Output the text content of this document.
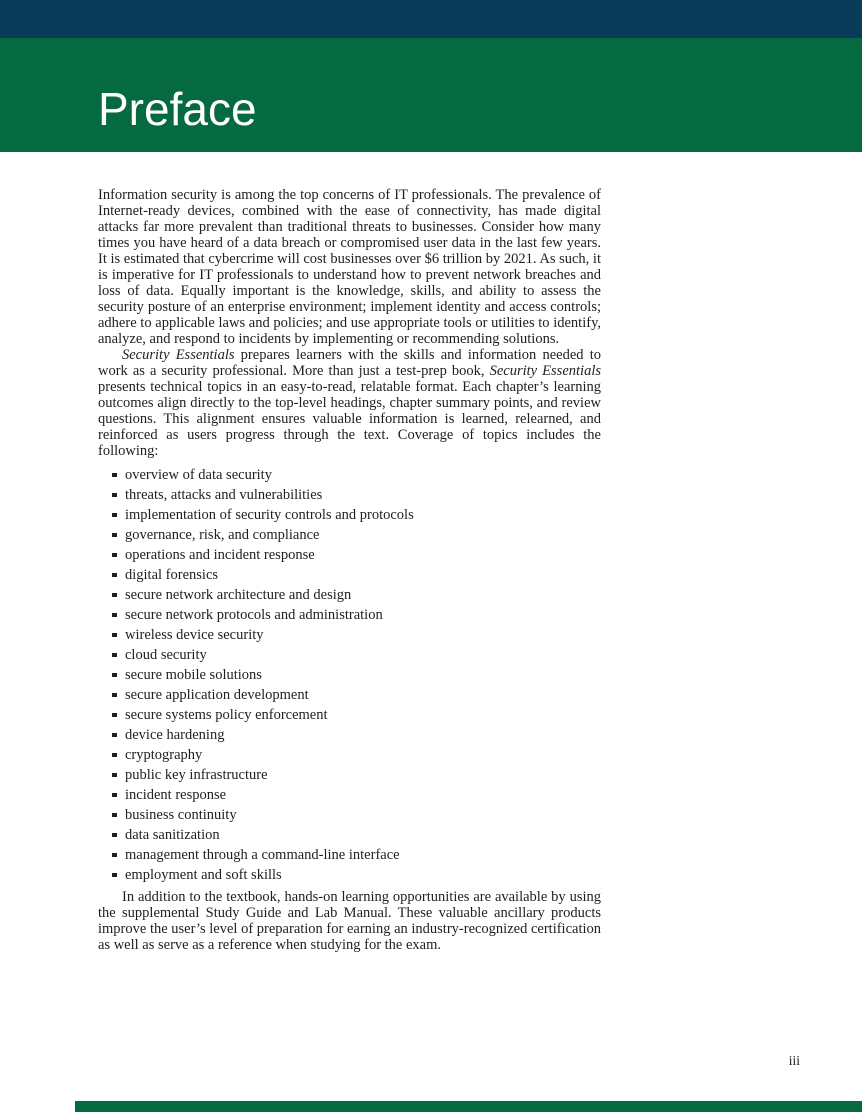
Preface

Information security is among the top concerns of IT professionals. The prevalence of Internet-ready devices, combined with the ease of connectivity, has made digital attacks far more prevalent than traditional threats to businesses. Consider how many times you have heard of a data breach or compromised user data in the last few years. It is estimated that cybercrime will cost businesses over $6 trillion by 2021. As such, it is imperative for IT professionals to understand how to prevent network breaches and loss of data. Equally important is the knowledge, skills, and ability to assess the security posture of an enterprise environment; implement identity and access controls; adhere to applicable laws and policies; and use appropriate tools or utilities to identify, analyze, and respond to incidents by implementing or recommending solutions.

Security Essentials prepares learners with the skills and information needed to work as a security professional. More than just a test-prep book, Security Essentials presents technical topics in an easy-to-read, relatable format. Each chapter’s learning outcomes align directly to the top-level headings, chapter summary points, and review questions. This alignment ensures valuable information is learned, relearned, and reinforced as users progress through the text. Coverage of topics includes the following:

overview of data security
threats, attacks and vulnerabilities
implementation of security controls and protocols
governance, risk, and compliance
operations and incident response
digital forensics
secure network architecture and design
secure network protocols and administration
wireless device security
cloud security
secure mobile solutions
secure application development
secure systems policy enforcement
device hardening
cryptography
public key infrastructure
incident response
business continuity
data sanitization
management through a command-line interface
employment and soft skills

In addition to the textbook, hands-on learning opportunities are available by using the supplemental Study Guide and Lab Manual. These valuable ancillary products improve the user’s level of preparation for earning an industry-recognized certification as well as serve as a reference when studying for the exam.

iii
